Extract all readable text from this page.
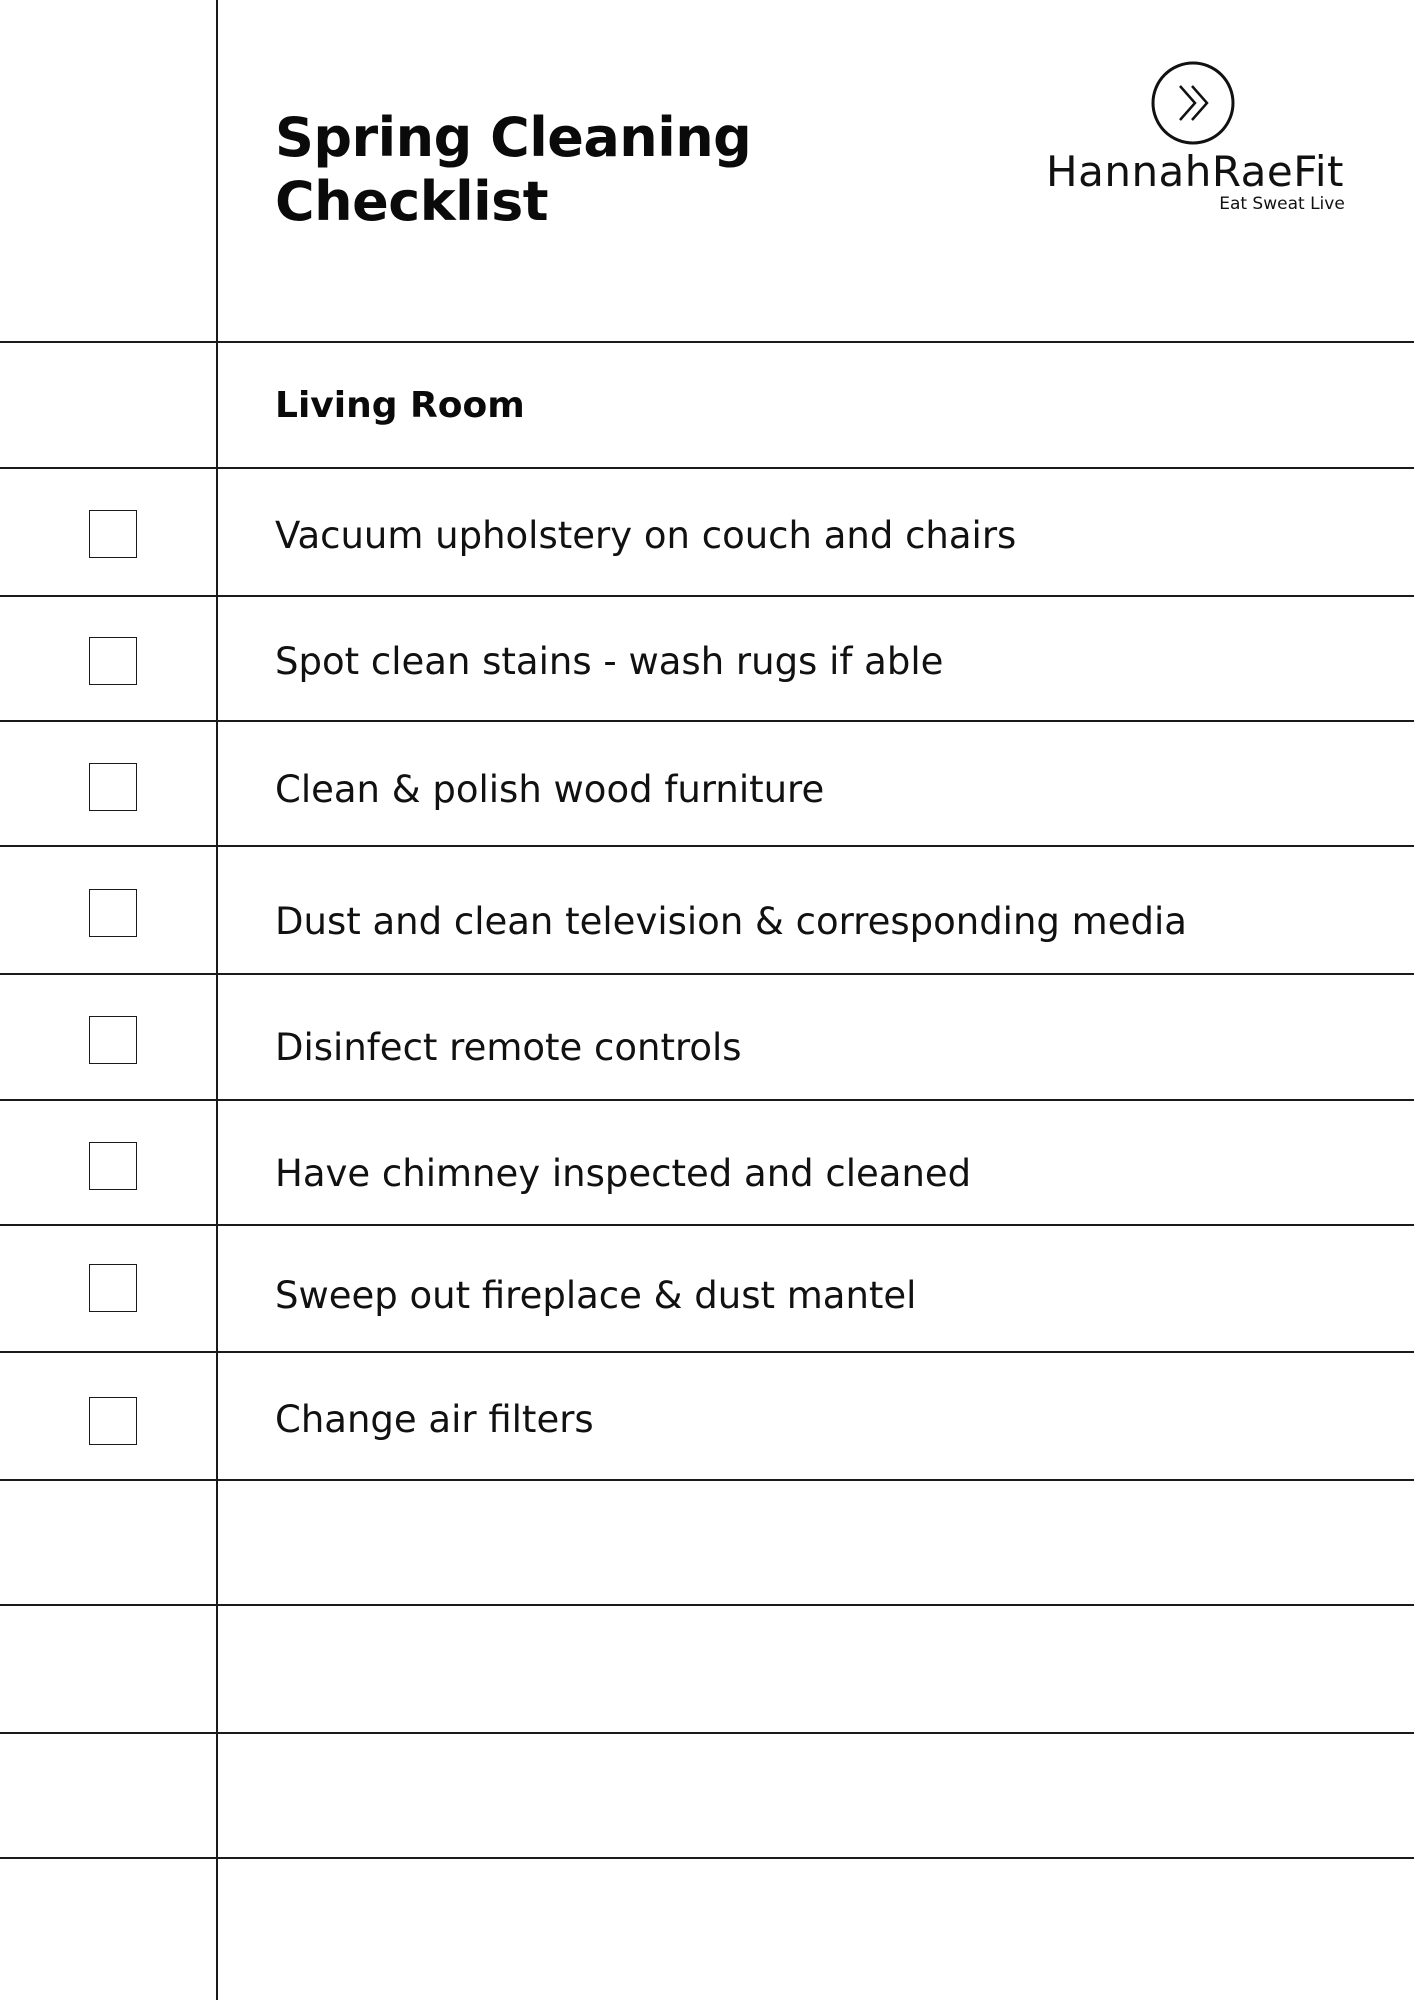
Spring Cleaning
Checklist	HannahRaeFit
Eat Sweat Live
Living Room
Vacuum upholstery on couch and chairs
Spot clean stains - wash rugs if able
Clean & polish wood furniture
Dust and clean television & corresponding media
Disinfect remote controls
Have chimney inspected and cleaned
Sweep out fireplace & dust mantel
Change air filters
